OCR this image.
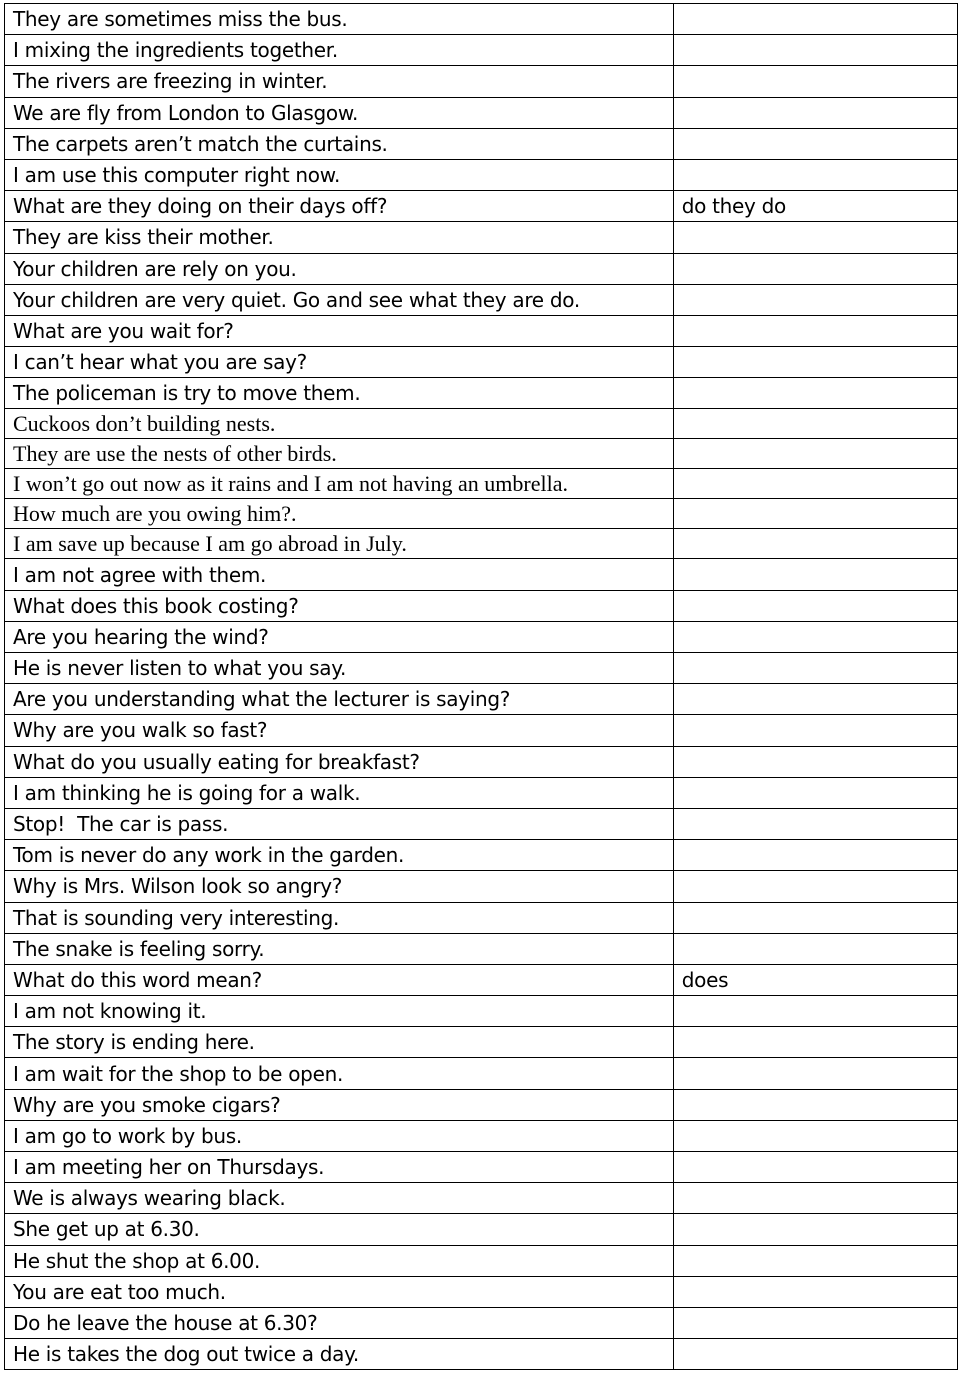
They are sometimes miss the bus.	
I mixing the ingredients together.	
The rivers are freezing in winter.	
We are fly from London to Glasgow.	
The carpets aren’t match the curtains.	
I am use this computer right now.	
What are they doing on their days off?	do they do
They are kiss their mother.	
Your children are rely on you.	
Your children are very quiet. Go and see what they are do.	
What are you wait for?	
I can’t hear what you are say?	
The policeman is try to move them.	
Cuckoos don’t building nests.	
They are use the nests of other birds.	
I won’t go out now as it rains and I am not having an umbrella.	
How much are you owing him?.	
I am save up because I am go abroad in July.	
I am not agree with them.	
What does this book costing?	
Are you hearing the wind?	
He is never listen to what you say.	
Are you understanding what the lecturer is saying?	
Why are you walk so fast?	
What do you usually eating for breakfast?	
I am thinking he is going for a walk.	
Stop!  The car is pass.	
Tom is never do any work in the garden.	
Why is Mrs. Wilson look so angry?	
That is sounding very interesting.	
The snake is feeling sorry.	
What do this word mean?	does
I am not knowing it.	
The story is ending here.	
I am wait for the shop to be open.	
Why are you smoke cigars?	
I am go to work by bus.	
I am meeting her on Thursdays.	
We is always wearing black.	
She get up at 6.30.	
He shut the shop at 6.00.	
You are eat too much.	
Do he leave the house at 6.30?	
He is takes the dog out twice a day.	
